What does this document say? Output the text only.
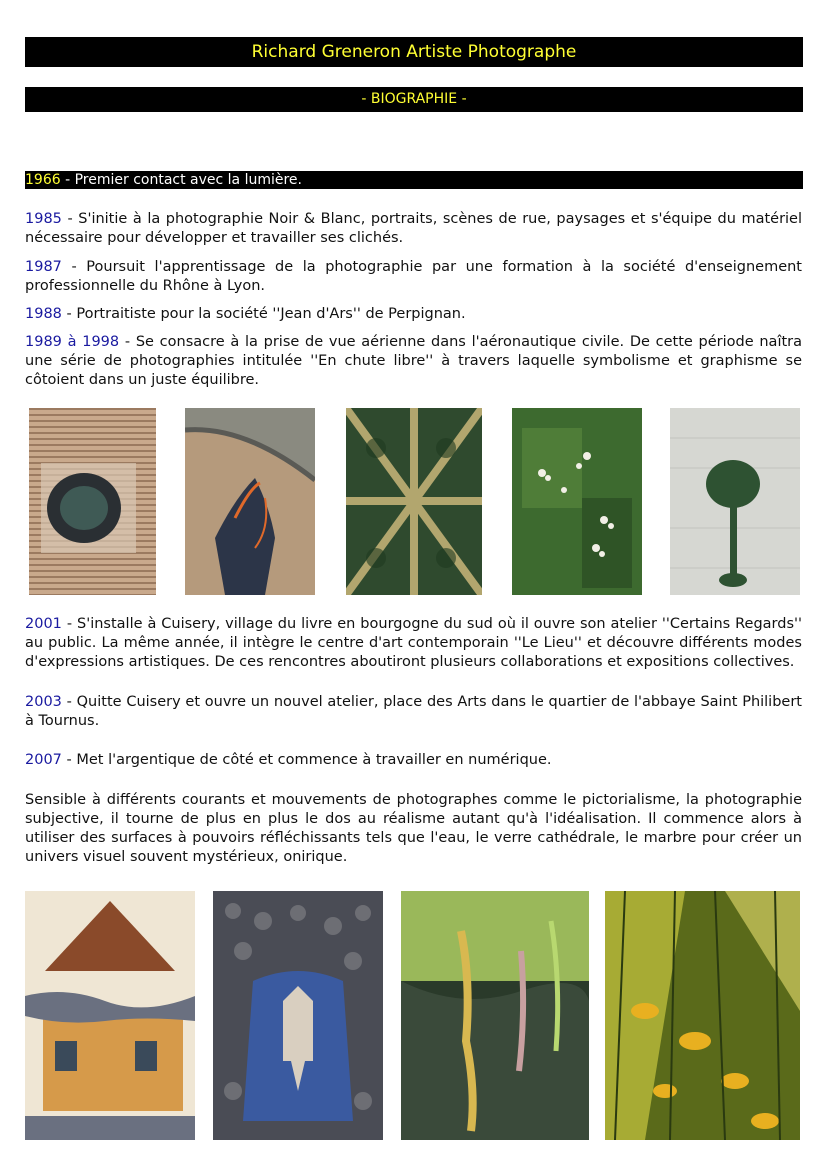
Richard Greneron Artiste Photographe
- BIOGRAPHIE -
1966 - Premier contact avec la lumière.

1985 - S'initie à la photographie Noir & Blanc, portraits, scènes de rue, paysages et s'équipe du matériel nécessaire pour développer et travailler ses clichés.

1987 - Poursuit l'apprentissage de la photographie par une formation à la société d'enseignement professionnelle du Rhône à Lyon.

1988 - Portraitiste pour la société ''Jean d'Ars'' de Perpignan.

1989 à 1998 - Se consacre à la prise de vue aérienne dans l'aéronautique civile. De cette période naîtra une série de photographies intitulée ''En chute libre'' à travers laquelle symbolisme et graphisme se côtoient dans un juste équilibre.

2001 - S'installe à Cuisery, village du livre en bourgogne du sud où il ouvre son atelier ''Certains Regards'' au public. La même année, il intègre le centre d'art contemporain ''Le Lieu'' et découvre différents modes d'expressions artistiques. De ces rencontres aboutiront plusieurs collaborations et expositions collectives.

2003 - Quitte Cuisery et ouvre un nouvel atelier, place des Arts dans le quartier de l'abbaye Saint Philibert à Tournus.

2007 - Met l'argentique de côté et commence à travailler en numérique.

Sensible à différents courants et mouvements de photographes comme le pictorialisme, la photographie subjective, il tourne de plus en plus le dos au réalisme autant qu'à l'idéalisation. Il commence alors à utiliser des surfaces à pouvoirs réfléchissants tels que l'eau, le verre cathédrale, le marbre pour créer un univers visuel souvent mystérieux, onirique.
